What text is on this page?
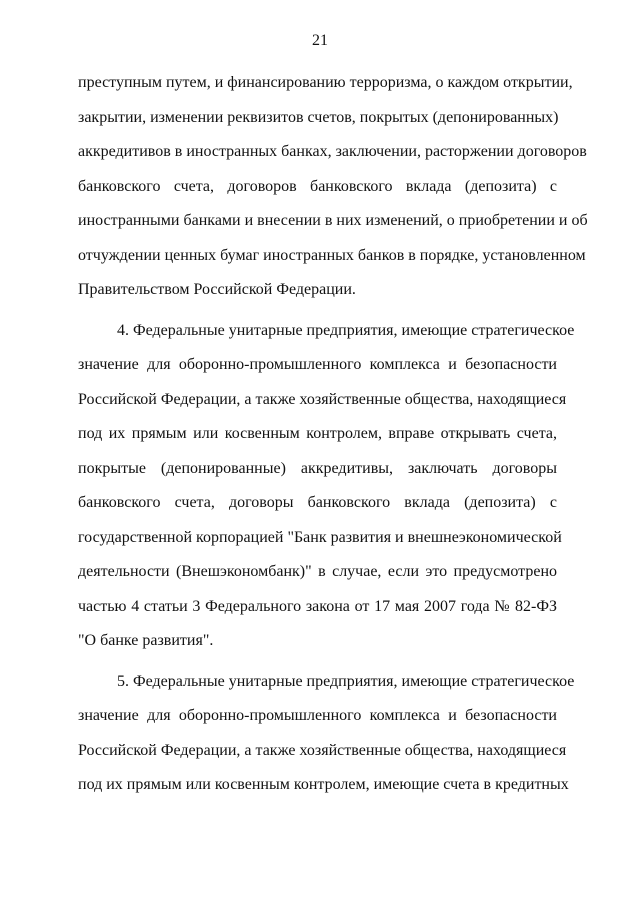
21
преступным путем, и финансированию терроризма, о каждом открытии,
закрытии, изменении реквизитов счетов, покрытых (депонированных)
аккредитивов в иностранных банках, заключении, расторжении договоров
банковского счета, договоров банковского вклада (депозита) с
иностранными банками и внесении в них изменений, о приобретении и об
отчуждении ценных бумаг иностранных банков в порядке, установленном
Правительством Российской Федерации.
4. Федеральные унитарные предприятия, имеющие стратегическое
значение для оборонно-промышленного комплекса и безопасности
Российской Федерации, а также хозяйственные общества, находящиеся
под их прямым или косвенным контролем, вправе открывать счета,
покрытые (депонированные) аккредитивы, заключать договоры
банковского счета, договоры банковского вклада (депозита) с
государственной корпорацией "Банк развития и внешнеэкономической
деятельности (Внешэкономбанк)" в случае, если это предусмотрено
частью 4 статьи 3 Федерального закона от 17 мая 2007 года № 82-ФЗ
"О банке развития".
5. Федеральные унитарные предприятия, имеющие стратегическое
значение для оборонно-промышленного комплекса и безопасности
Российской Федерации, а также хозяйственные общества, находящиеся
под их прямым или косвенным контролем, имеющие счета в кредитных
